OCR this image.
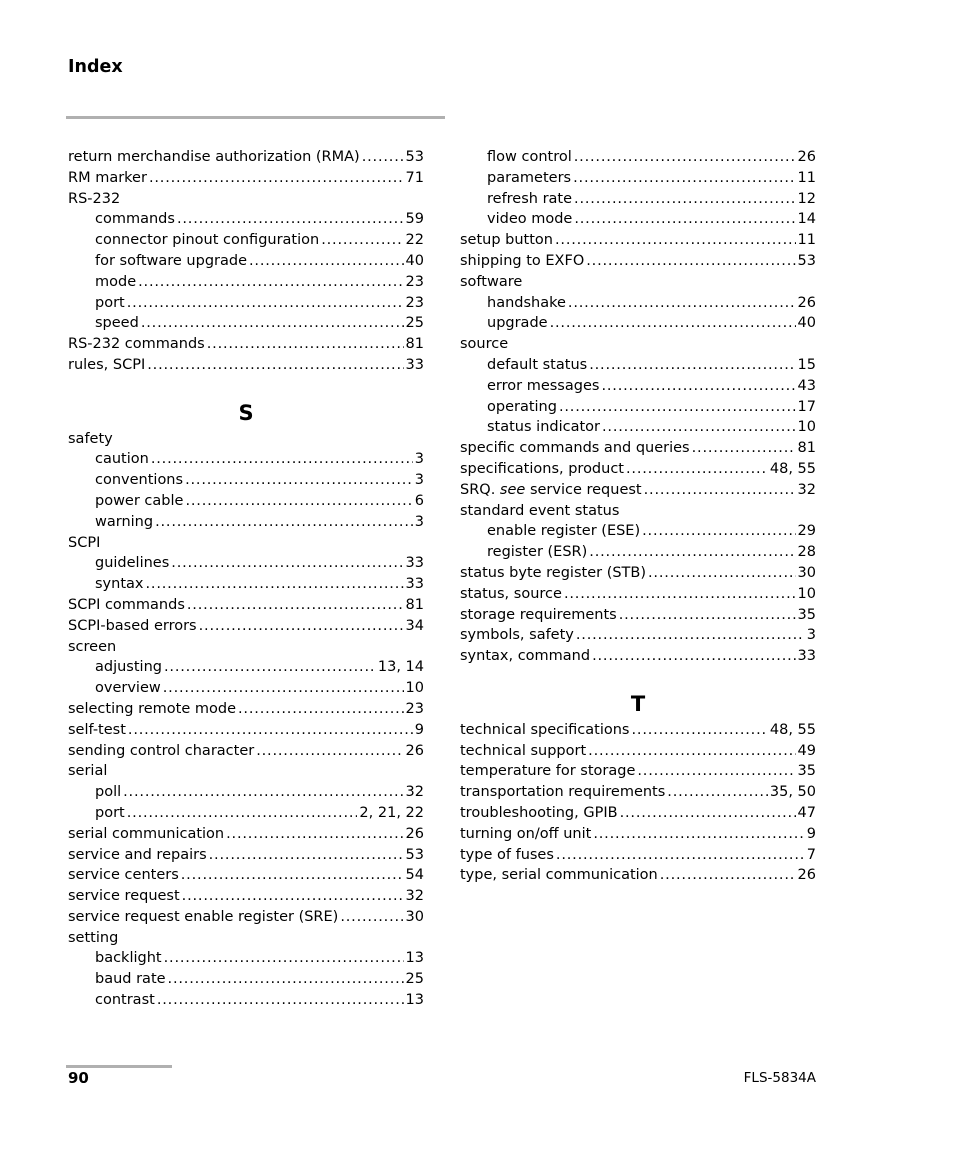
Index
return merchandise authorization (RMA) . . .	53
RM marker . . .	71
RS-232
commands . . .	59
connector pinout configuration . . .	22
for software upgrade . . .	40
mode . . .	23
port . . .	23
speed . . .	25
RS-232 commands . . .	81
rules, SCPI . . .	33
S
safety
caution . . .	3
conventions . . .	3
power cable . . .	6
warning . . .	3
SCPI
guidelines . . .	33
syntax . . .	33
SCPI commands . . .	81
SCPI-based errors . . .	34
screen
adjusting . . .	13, 14
overview . . .	10
selecting remote mode . . .	23
self-test . . .	9
sending control character . . .	26
serial
poll . . .	32
port . . .	2, 21, 22
serial communication . . .	26
service and repairs . . .	53
service centers . . .	54
service request . . .	32
service request enable register (SRE) . . .	30
setting
backlight . . .	13
baud rate . . .	25
contrast . . .	13
flow control . . .	26
parameters . . .	11
refresh rate . . .	12
video mode . . .	14
setup button . . .	11
shipping to EXFO . . .	53
software
handshake . . .	26
upgrade . . .	40
source
default status . . .	15
error messages . . .	43
operating . . .	17
status indicator . . .	10
specific commands and queries . . .	81
specifications, product . . .	48, 55
SRQ. see service request . . .	32
standard event status
enable register (ESE) . . .	29
register (ESR) . . .	28
status byte register (STB) . . .	30
status, source . . .	10
storage requirements . . .	35
symbols, safety . . .	3
syntax, command . . .	33
T
technical specifications . . .	48, 55
technical support . . .	49
temperature for storage . . .	35
transportation requirements . . .	35, 50
troubleshooting, GPIB . . .	47
turning on/off unit . . .	9
type of fuses . . .	7
type, serial communication . . .	26
90	FLS-5834A
